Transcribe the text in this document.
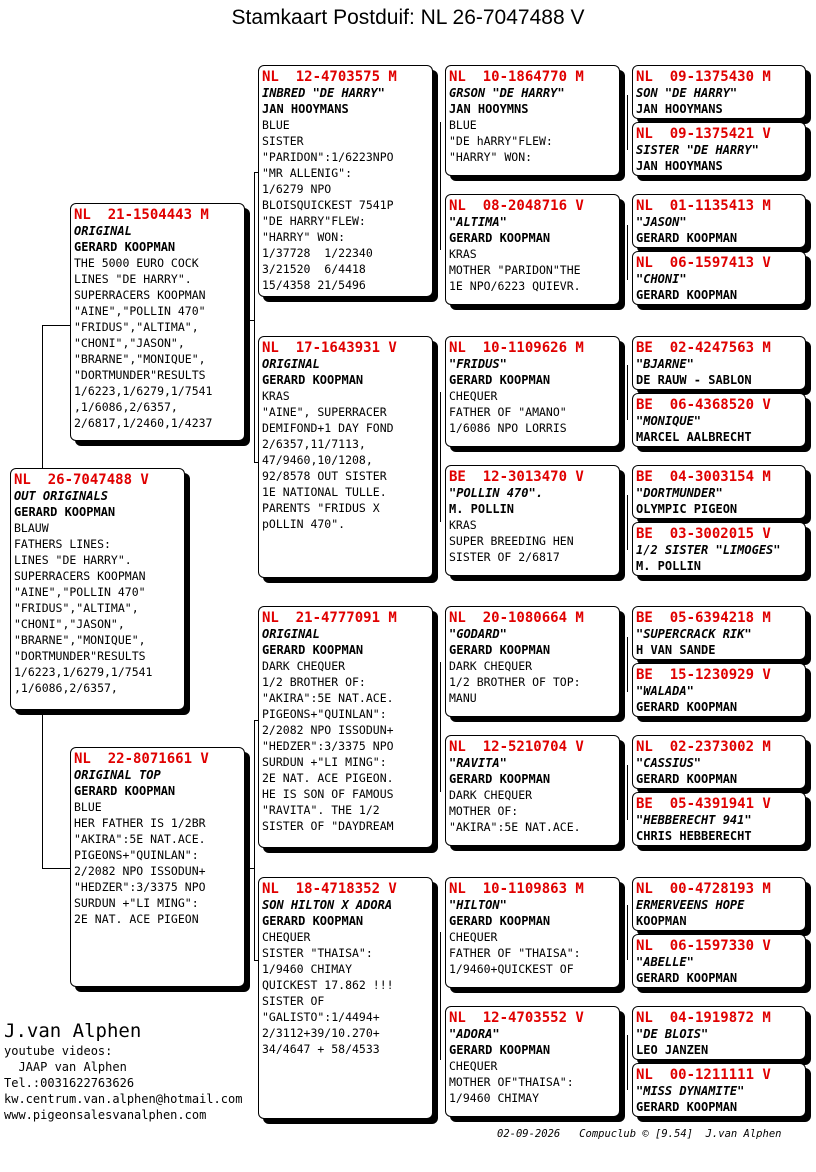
Stamkaart Postduif: NL 26-7047488 V
NL  26-7047488 V
OUT ORIGINALS
GERARD KOOPMAN
BLAUW
FATHERS LINES:
LINES "DE HARRY".
SUPERRACERS KOOPMAN
"AINE","POLLIN 470"
"FRIDUS","ALTIMA",
"CHONI","JASON",
"BRARNE","MONIQUE",
"DORTMUNDER"RESULTS
1/6223,1/6279,1/7541
,1/6086,2/6357,
NL  21-1504443 M
ORIGINAL
GERARD KOOPMAN
THE 5000 EURO COCK
LINES "DE HARRY".
SUPERRACERS KOOPMAN
"AINE","POLLIN 470"
"FRIDUS","ALTIMA",
"CHONI","JASON",
"BRARNE","MONIQUE",
"DORTMUNDER"RESULTS
1/6223,1/6279,1/7541
,1/6086,2/6357,
2/6817,1/2460,1/4237
NL  22-8071661 V
ORIGINAL TOP
GERARD KOOPMAN
BLUE
HER FATHER IS 1/2BR
"AKIRA":5E NAT.ACE.
PIGEONS+"QUINLAN":
2/2082 NPO ISSODUN+
"HEDZER":3/3375 NPO
SURDUN +"LI MING":
2E NAT. ACE PIGEON
NL  12-4703575 M
INBRED "DE HARRY"
JAN HOOYMANS
BLUE
SISTER
"PARIDON":1/6223NPO
"MR ALLENIG":
1/6279 NPO
BLOISQUICKEST 7541P
"DE HARRY"FLEW:
"HARRY" WON:
1/37728  1/22340
3/21520  6/4418
15/4358 21/5496
NL  17-1643931 V
ORIGINAL
GERARD KOOPMAN
KRAS
"AINE", SUPERRACER
DEMIFOND+1 DAY FOND
2/6357,11/7113,
47/9460,10/1208,
92/8578 OUT SISTER
1E NATIONAL TULLE.
PARENTS "FRIDUS X
pOLLIN 470".
NL  21-4777091 M
ORIGINAL
GERARD KOOPMAN
DARK CHEQUER
1/2 BROTHER OF:
"AKIRA":5E NAT.ACE.
PIGEONS+"QUINLAN":
2/2082 NPO ISSODUN+
"HEDZER":3/3375 NPO
SURDUN +"LI MING":
2E NAT. ACE PIGEON.
HE IS SON OF FAMOUS
"RAVITA". THE 1/2
SISTER OF "DAYDREAM
NL  18-4718352 V
SON HILTON X ADORA
GERARD KOOPMAN
CHEQUER
SISTER "THAISA":
1/9460 CHIMAY
QUICKEST 17.862 !!!
SISTER OF
"GALISTO":1/4494+
2/3112+39/10.270+
34/4647 + 58/4533
NL  10-1864770 M
GRSON "DE HARRY"
JAN HOOYMNS
BLUE
"DE hARRY"FLEW:
"HARRY" WON:
NL  08-2048716 V
"ALTIMA"
GERARD KOOPMAN
KRAS
MOTHER "PARIDON"THE
1E NPO/6223 QUIEVR.
NL  10-1109626 M
"FRIDUS"
GERARD KOOPMAN
CHEQUER
FATHER OF "AMANO"
1/6086 NPO LORRIS
BE  12-3013470 V
"POLLIN 470".
M. POLLIN
KRAS
SUPER BREEDING HEN
SISTER OF 2/6817
NL  20-1080664 M
"GODARD"
GERARD KOOPMAN
DARK CHEQUER
1/2 BROTHER OF TOP:
MANU
NL  12-5210704 V
"RAVITA"
GERARD KOOPMAN
DARK CHEQUER
MOTHER OF:
"AKIRA":5E NAT.ACE.
NL  10-1109863 M
"HILTON"
GERARD KOOPMAN
CHEQUER
FATHER OF "THAISA":
1/9460+QUICKEST OF
NL  12-4703552 V
"ADORA"
GERARD KOOPMAN
CHEQUER
MOTHER OF"THAISA":
1/9460 CHIMAY
NL  09-1375430 M
SON "DE HARRY"
JAN HOOYMANS
NL  09-1375421 V
SISTER "DE HARRY"
JAN HOOYMANS
NL  01-1135413 M
"JASON"
GERARD KOOPMAN
NL  06-1597413 V
"CHONI"
GERARD KOOPMAN
BE  02-4247563 M
"BJARNE"
DE RAUW - SABLON
BE  06-4368520 V
"MONIQUE"
MARCEL AALBRECHT
BE  04-3003154 M
"DORTMUNDER"
OLYMPIC PIGEON
BE  03-3002015 V
1/2 SISTER "LIMOGES"
M. POLLIN
BE  05-6394218 M
"SUPERCRACK RIK"
H VAN SANDE
BE  15-1230929 V
"WALADA"
GERARD KOOPMAN
NL  02-2373002 M
"CASSIUS"
GERARD KOOPMAN
BE  05-4391941 V
"HEBBERECHT 941"
CHRIS HEBBERECHT
NL  00-4728193 M
ERMERVEENS HOPE
KOOPMAN
NL  06-1597330 V
"ABELLE"
GERARD KOOPMAN
NL  04-1919872 M
"DE BLOIS"
LEO JANZEN
NL  00-1211111 V
"MISS DYNAMITE"
GERARD KOOPMAN
J.van Alphen
youtube videos:
JAAP van Alphen
Tel.:0031622763626
kw.centrum.van.alphen@hotmail.com
www.pigeonsalesvanalphen.com
02-09-2026   Compuclub © [9.54]  J.van Alphen
